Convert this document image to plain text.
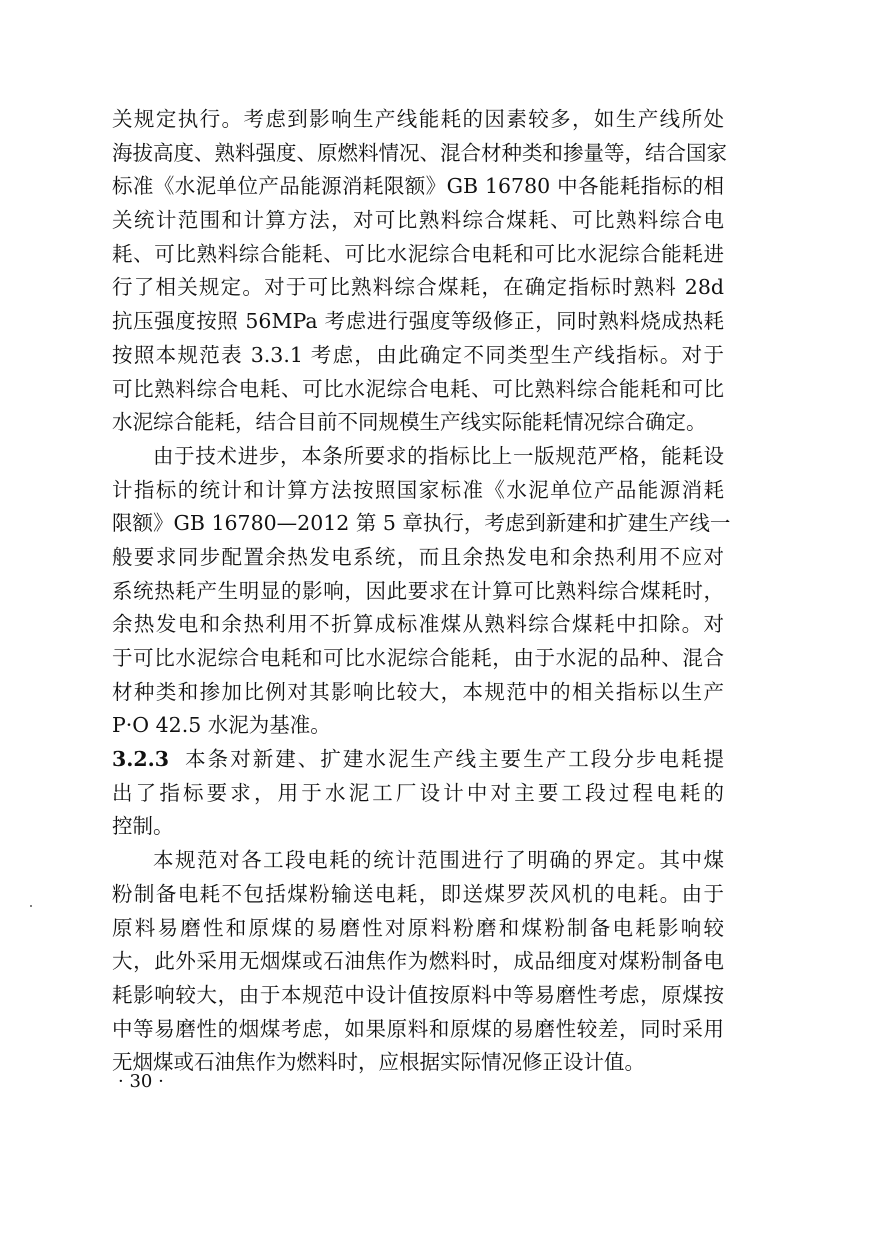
关规定执行。考虑到影响生产线能耗的因素较多，如生产线所处
海拔高度、熟料强度、原燃料情况、混合材种类和掺量等，结合国家
标准《水泥单位产品能源消耗限额》GB 16780 中各能耗指标的相
关统计范围和计算方法，对可比熟料综合煤耗、可比熟料综合电
耗、可比熟料综合能耗、可比水泥综合电耗和可比水泥综合能耗进
行了相关规定。对于可比熟料综合煤耗，在确定指标时熟料 28d
抗压强度按照 56MPa 考虑进行强度等级修正，同时熟料烧成热耗
按照本规范表 3.3.1 考虑，由此确定不同类型生产线指标。对于
可比熟料综合电耗、可比水泥综合电耗、可比熟料综合能耗和可比
水泥综合能耗，结合目前不同规模生产线实际能耗情况综合确定。
由于技术进步，本条所要求的指标比上一版规范严格，能耗设
计指标的统计和计算方法按照国家标准《水泥单位产品能源消耗
限额》GB 16780—2012 第 5 章执行，考虑到新建和扩建生产线一
般要求同步配置余热发电系统，而且余热发电和余热利用不应对
系统热耗产生明显的影响，因此要求在计算可比熟料综合煤耗时，
余热发电和余热利用不折算成标准煤从熟料综合煤耗中扣除。对
于可比水泥综合电耗和可比水泥综合能耗，由于水泥的品种、混合
材种类和掺加比例对其影响比较大，本规范中的相关指标以生产
P·O 42.5 水泥为基准。
3.2.3 本条对新建、扩建水泥生产线主要生产工段分步电耗提
出了指标要求，用于水泥工厂设计中对主要工段过程电耗的
控制。
本规范对各工段电耗的统计范围进行了明确的界定。其中煤
粉制备电耗不包括煤粉输送电耗，即送煤罗茨风机的电耗。由于
原料易磨性和原煤的易磨性对原料粉磨和煤粉制备电耗影响较
大，此外采用无烟煤或石油焦作为燃料时，成品细度对煤粉制备电
耗影响较大，由于本规范中设计值按原料中等易磨性考虑，原煤按
中等易磨性的烟煤考虑，如果原料和原煤的易磨性较差，同时采用
无烟煤或石油焦作为燃料时，应根据实际情况修正设计值。
· 30 ·
